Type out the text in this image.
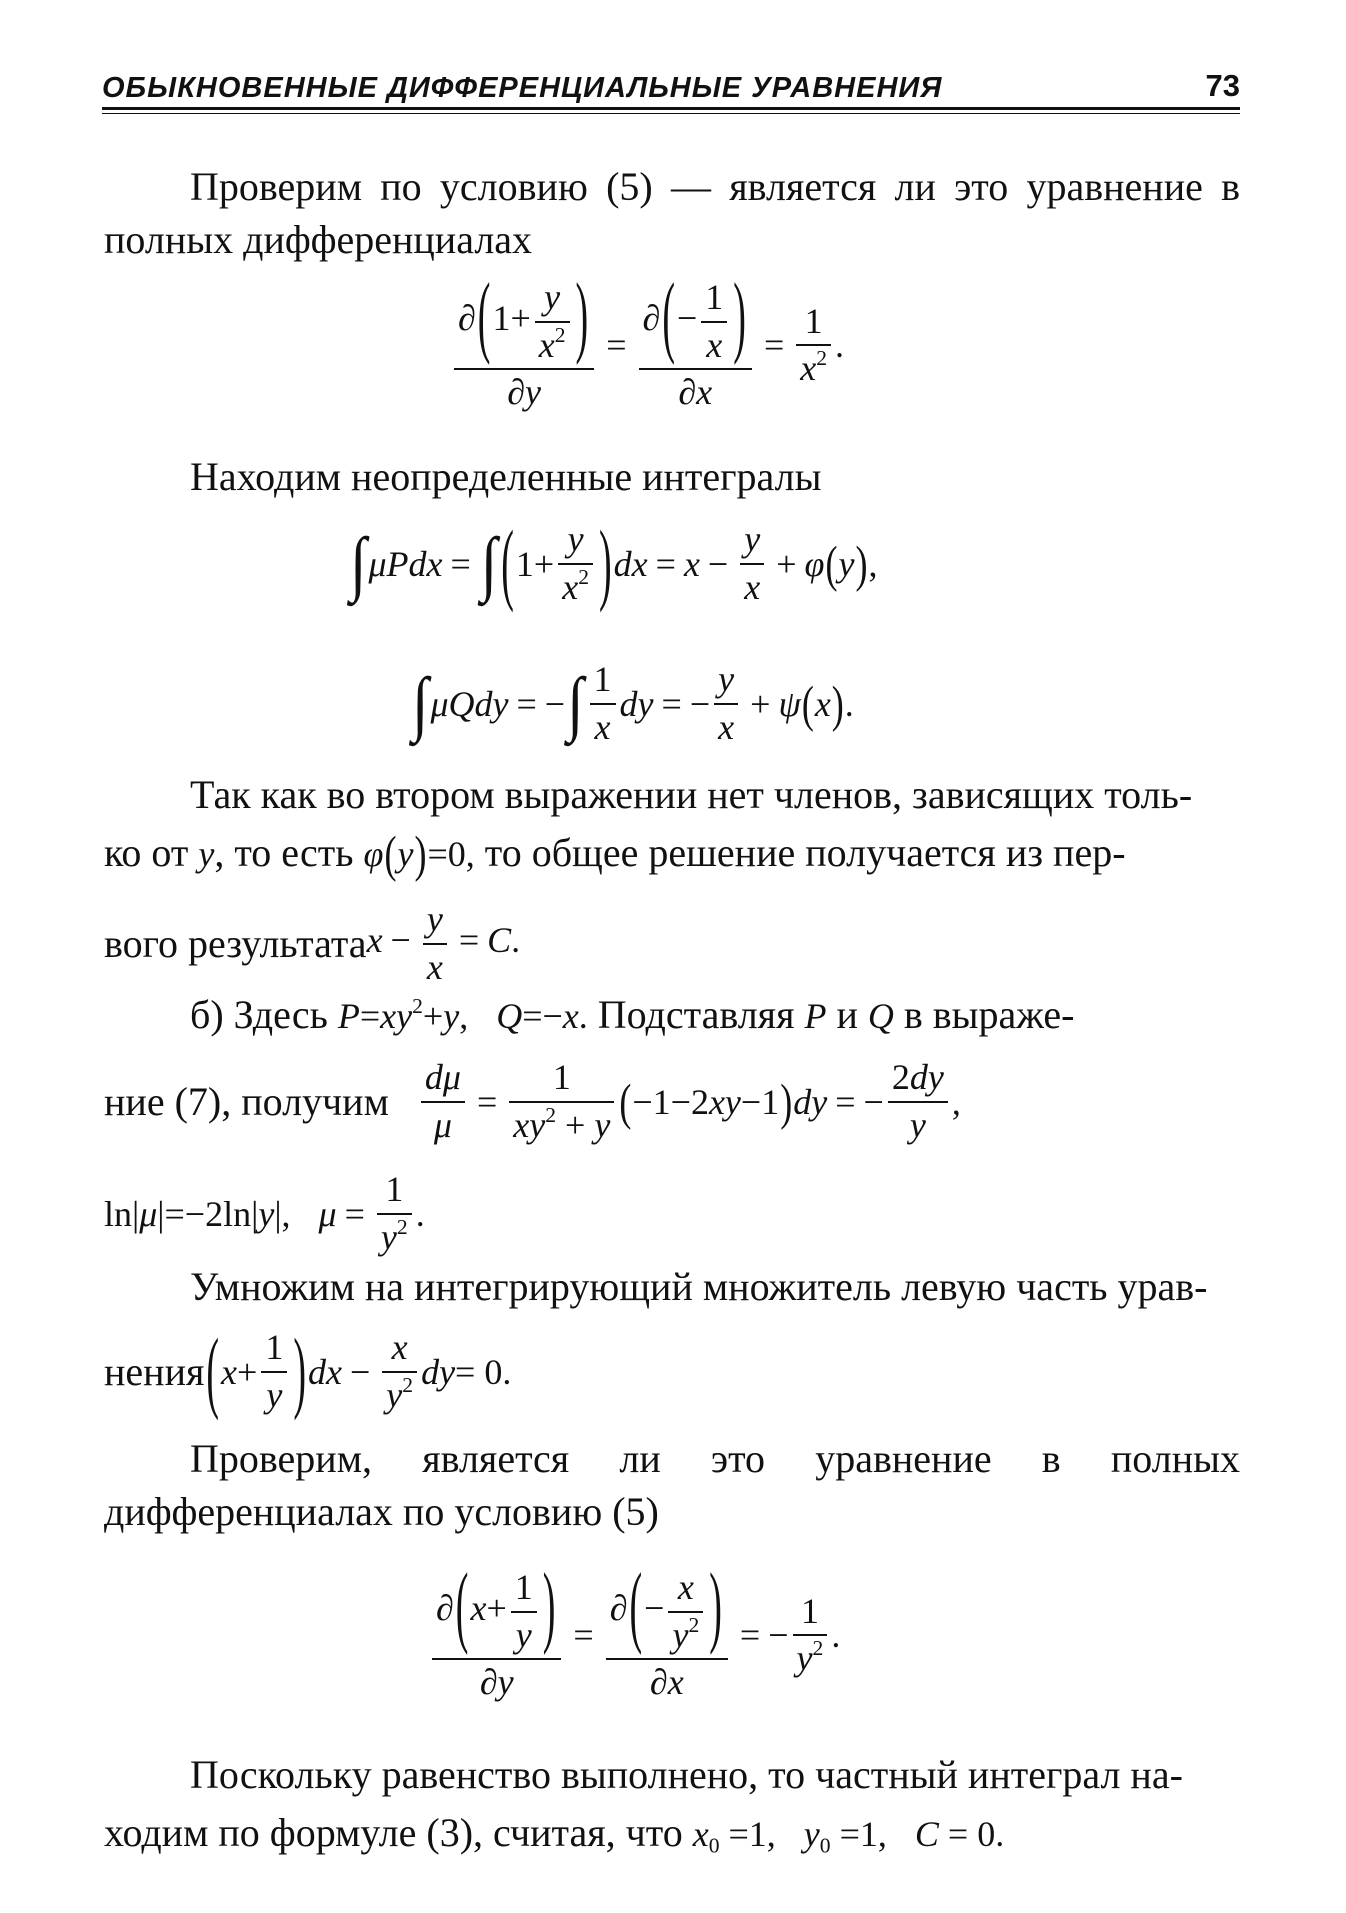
ОБЫКНОВЕННЫЕ ДИФФЕРЕНЦИАЛЬНЫЕ УРАВНЕНИЯ	73
Проверим по условию (5) — является ли это уравнение в полных дифференциалах
$\frac{\partial(1+ \frac{y}{x^2} )}{\partial y} = \frac{\partial(- \frac{1}{x} )}{\partial x} = \frac{1}{x^2}$ .
Находим неопределенные интегралы
∫ μPdx = ∫ ( $1+ \frac{y}{x^2}$ ) dx = $x - \frac{y}{x} + \varphi$ ( y ) ,
∫ μQdy = − ∫ $\frac{1}{x}$ dy = − $\frac{y}{x} + \psi$ ( x ) .
Так как во втором выражении нет членов, зависящих толь-
ко от y, то есть φ(y)=0, то общее решение получается из пер-
вого результата $x - \frac{y}{x} = C$.
б) Здесь $P=xy^2+y$, Q=−x. Подставляя P и Q в выраже-
ние (7), получим $\frac{d\mu}{\mu} = \frac{1}{xy^2 + y}$ ( −1−2 xy −1 ) dy = − $\frac{2dy}{y}$ ,
ln| μ |=−2ln| y |, $\mu = \frac{1}{y^2}$ .
Умножим на интегрирующий множитель левую часть урав-
нения ( $x + \frac{1}{y}$ ) dx − $\frac{x}{y^2}$ dy = 0.
Проверим, является ли это уравнение в полных дифференциалах по условию (5)
$\frac{\partial(x+ \frac{1}{y} )}{\partial y} = \frac{\partial(- \frac{x}{y^2} )}{\partial x}$ = − $\frac{1}{y^2}$ .
Поскольку равенство выполнено, то частный интеграл на-
ходим по формуле (3), считая, что $x_0 =1$, $y_0 =1$, C = 0.
